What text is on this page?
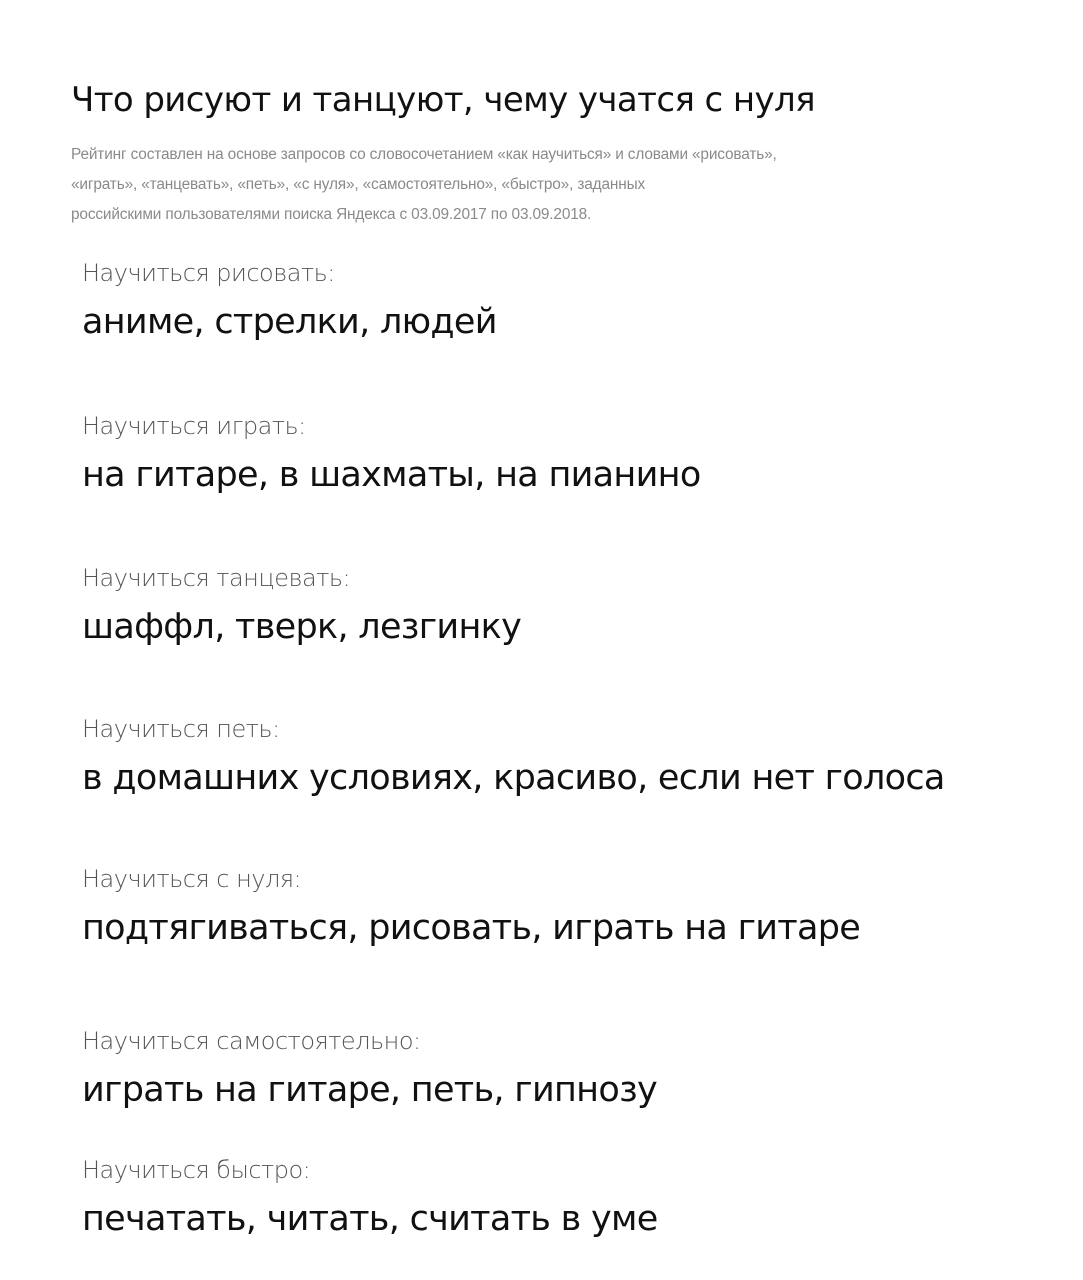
Что рисуют и танцуют, чему учатся с нуля

Рейтинг составлен на основе запросов со словосочетанием «как научиться» и словами «рисовать»,
«играть», «танцевать», «петь», «с нуля», «самостоятельно», «быстро», заданных
российскими пользователями поиска Яндекса с 03.09.2017 по 03.09.2018.

Научиться рисовать:
аниме, стрелки, людей
Научиться играть:
на гитаре, в шахматы, на пианино
Научиться танцевать:
шаффл, тверк, лезгинку
Научиться петь:
в домашних условиях, красиво, если нет голоса
Научиться с нуля:
подтягиваться, рисовать, играть на гитаре
Научиться самостоятельно:
играть на гитаре, петь, гипнозу
Научиться быстро:
печатать, читать, считать в уме
